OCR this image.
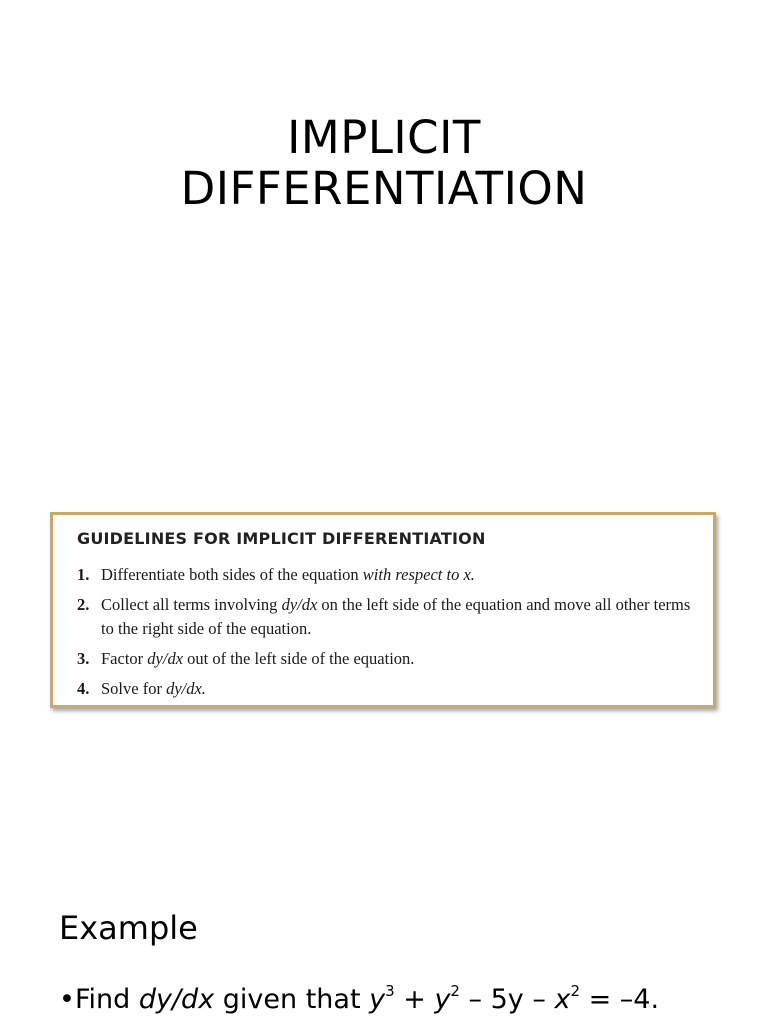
IMPLICIT
DIFFERENTIATION
GUIDELINES FOR IMPLICIT DIFFERENTIATION
1. Differentiate both sides of the equation with respect to x.
2. Collect all terms involving dy/dx on the left side of the equation and move all other terms to the right side of the equation.
3. Factor dy/dx out of the left side of the equation.
4. Solve for dy/dx.
Example
•Find dy/dx given that $y^3 + y^2 - 5y - x^2 = -4$.
